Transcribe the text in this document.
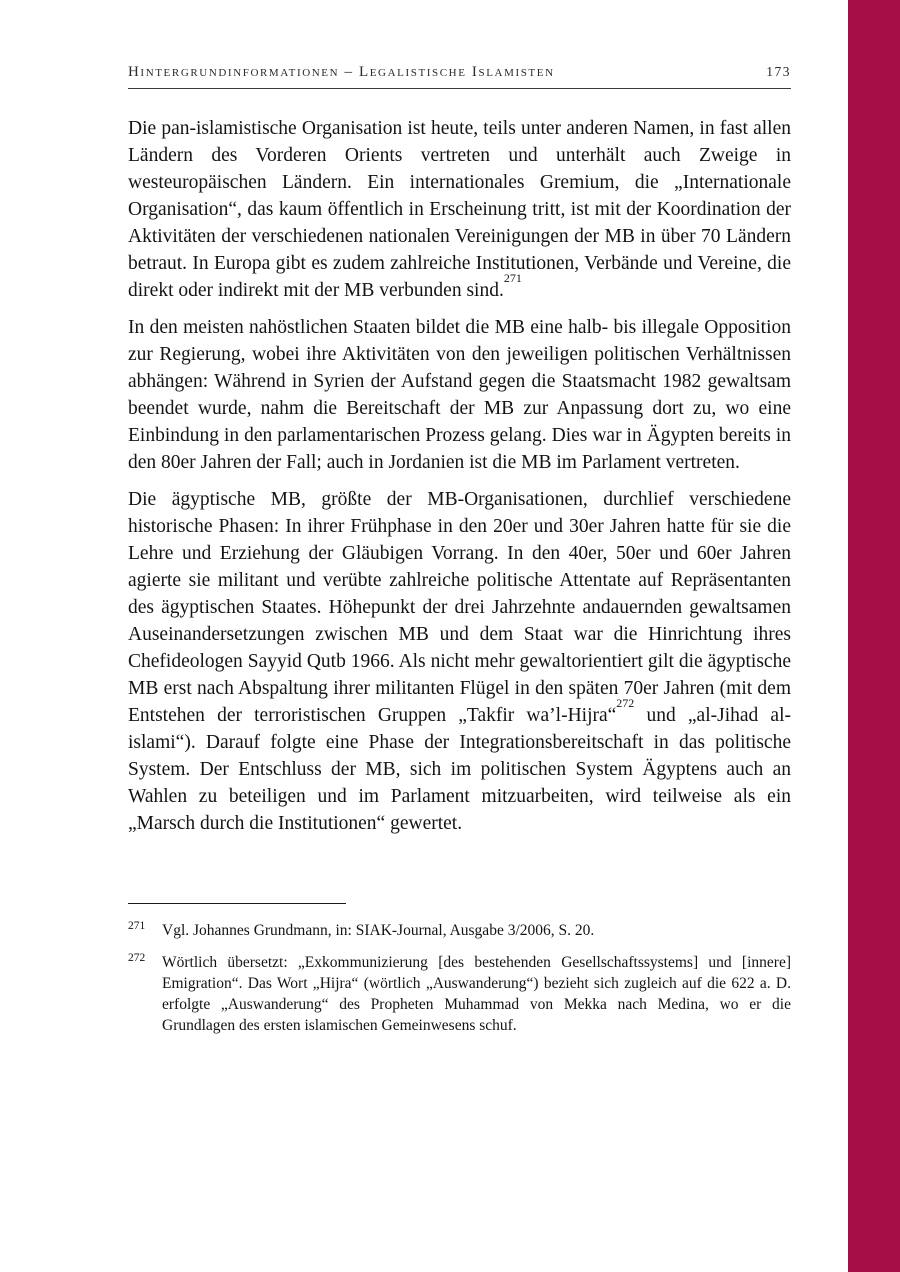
Hintergrundinformationen – Legalistische Islamisten	173

Die pan-islamistische Organisation ist heute, teils unter anderen Namen, in fast allen Ländern des Vorderen Orients vertreten und unterhält auch Zweige in westeuropäischen Ländern. Ein internationales Gremium, die „Internationale Organisation“, das kaum öffentlich in Erscheinung tritt, ist mit der Koordination der Aktivitäten der verschiedenen nationalen Vereinigungen der MB in über 70 Ländern betraut. In Europa gibt es zudem zahlreiche Institutionen, Verbände und Vereine, die direkt oder indirekt mit der MB verbunden sind.$^{271}$

In den meisten nahöstlichen Staaten bildet die MB eine halb- bis illegale Opposition zur Regierung, wobei ihre Aktivitäten von den jeweiligen politischen Verhältnissen abhängen: Während in Syrien der Aufstand gegen die Staatsmacht 1982 gewaltsam beendet wurde, nahm die Bereitschaft der MB zur Anpassung dort zu, wo eine Einbindung in den parlamentarischen Prozess gelang. Dies war in Ägypten bereits in den 80er Jahren der Fall; auch in Jordanien ist die MB im Parlament vertreten.

Die ägyptische MB, größte der MB-Organisationen, durchlief verschiedene historische Phasen: In ihrer Frühphase in den 20er und 30er Jahren hatte für sie die Lehre und Erziehung der Gläubigen Vorrang. In den 40er, 50er und 60er Jahren agierte sie militant und verübte zahlreiche politische Attentate auf Repräsentanten des ägyptischen Staates. Höhepunkt der drei Jahrzehnte andauernden gewaltsamen Auseinandersetzungen zwischen MB und dem Staat war die Hinrichtung ihres Chefideologen Sayyid Qutb 1966. Als nicht mehr gewaltorientiert gilt die ägyptische MB erst nach Abspaltung ihrer militanten Flügel in den späten 70er Jahren (mit dem Entstehen der terroristischen Gruppen „Takfir wa’l-Hijra“$^{272}$ und „al-Jihad al-islami“). Darauf folgte eine Phase der Integrationsbereitschaft in das politische System. Der Entschluss der MB, sich im politischen System Ägyptens auch an Wahlen zu beteiligen und im Parlament mitzuarbeiten, wird teilweise als ein „Marsch durch die Institutionen“ gewertet.

$^{271}$	Vgl. Johannes Grundmann, in: SIAK-Journal, Ausgabe 3/2006, S. 20.
$^{272}$	Wörtlich übersetzt: „Exkommunizierung [des bestehenden Gesellschaftssystems] und [innere] Emigration“. Das Wort „Hijra“ (wörtlich „Auswanderung“) bezieht sich zugleich auf die 622 a. D. erfolgte „Auswanderung“ des Propheten Muhammad von Mekka nach Medina, wo er die Grundlagen des ersten islamischen Gemeinwesens schuf.
